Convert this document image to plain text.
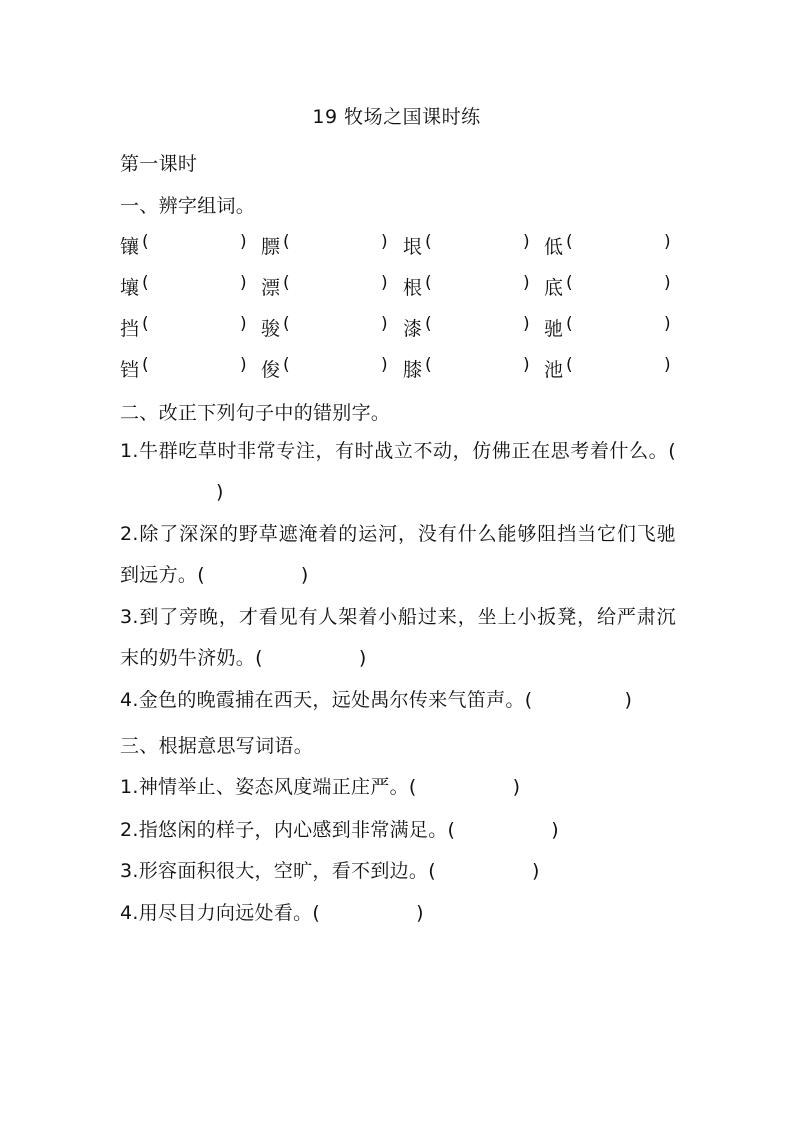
19 牧场之国课时练
第一课时
一、辨字组词。
镶 (	) 膘 (	) 垠 (	) 低 (	)
壤 (	) 漂 (	) 根 (	) 底 (	)
挡 (	) 骏 (	) 漆 (	) 驰 (	)
铛 (	) 俊 (	) 膝 (	) 池 (	)
二、改正下列句子中的错别字。
1.牛群吃草时非常专注，有时战立不动，仿佛正在思考着什么。()
2.除了深深的野草遮淹着的运河，没有什么能够阻挡当它们飞驰到远方。(	)
3.到了旁晚，才看见有人架着小船过来，坐上小扳凳，给严肃沉末的奶牛济奶。(	)
4.金色的晚霞捕在西天，远处禺尔传来气笛声。(	)
三、根据意思写词语。
1.神情举止、姿态风度端正庄严。(	)
2.指悠闲的样子，内心感到非常满足。(	)
3.形容面积很大，空旷，看不到边。(	)
4.用尽目力向远处看。(	)
